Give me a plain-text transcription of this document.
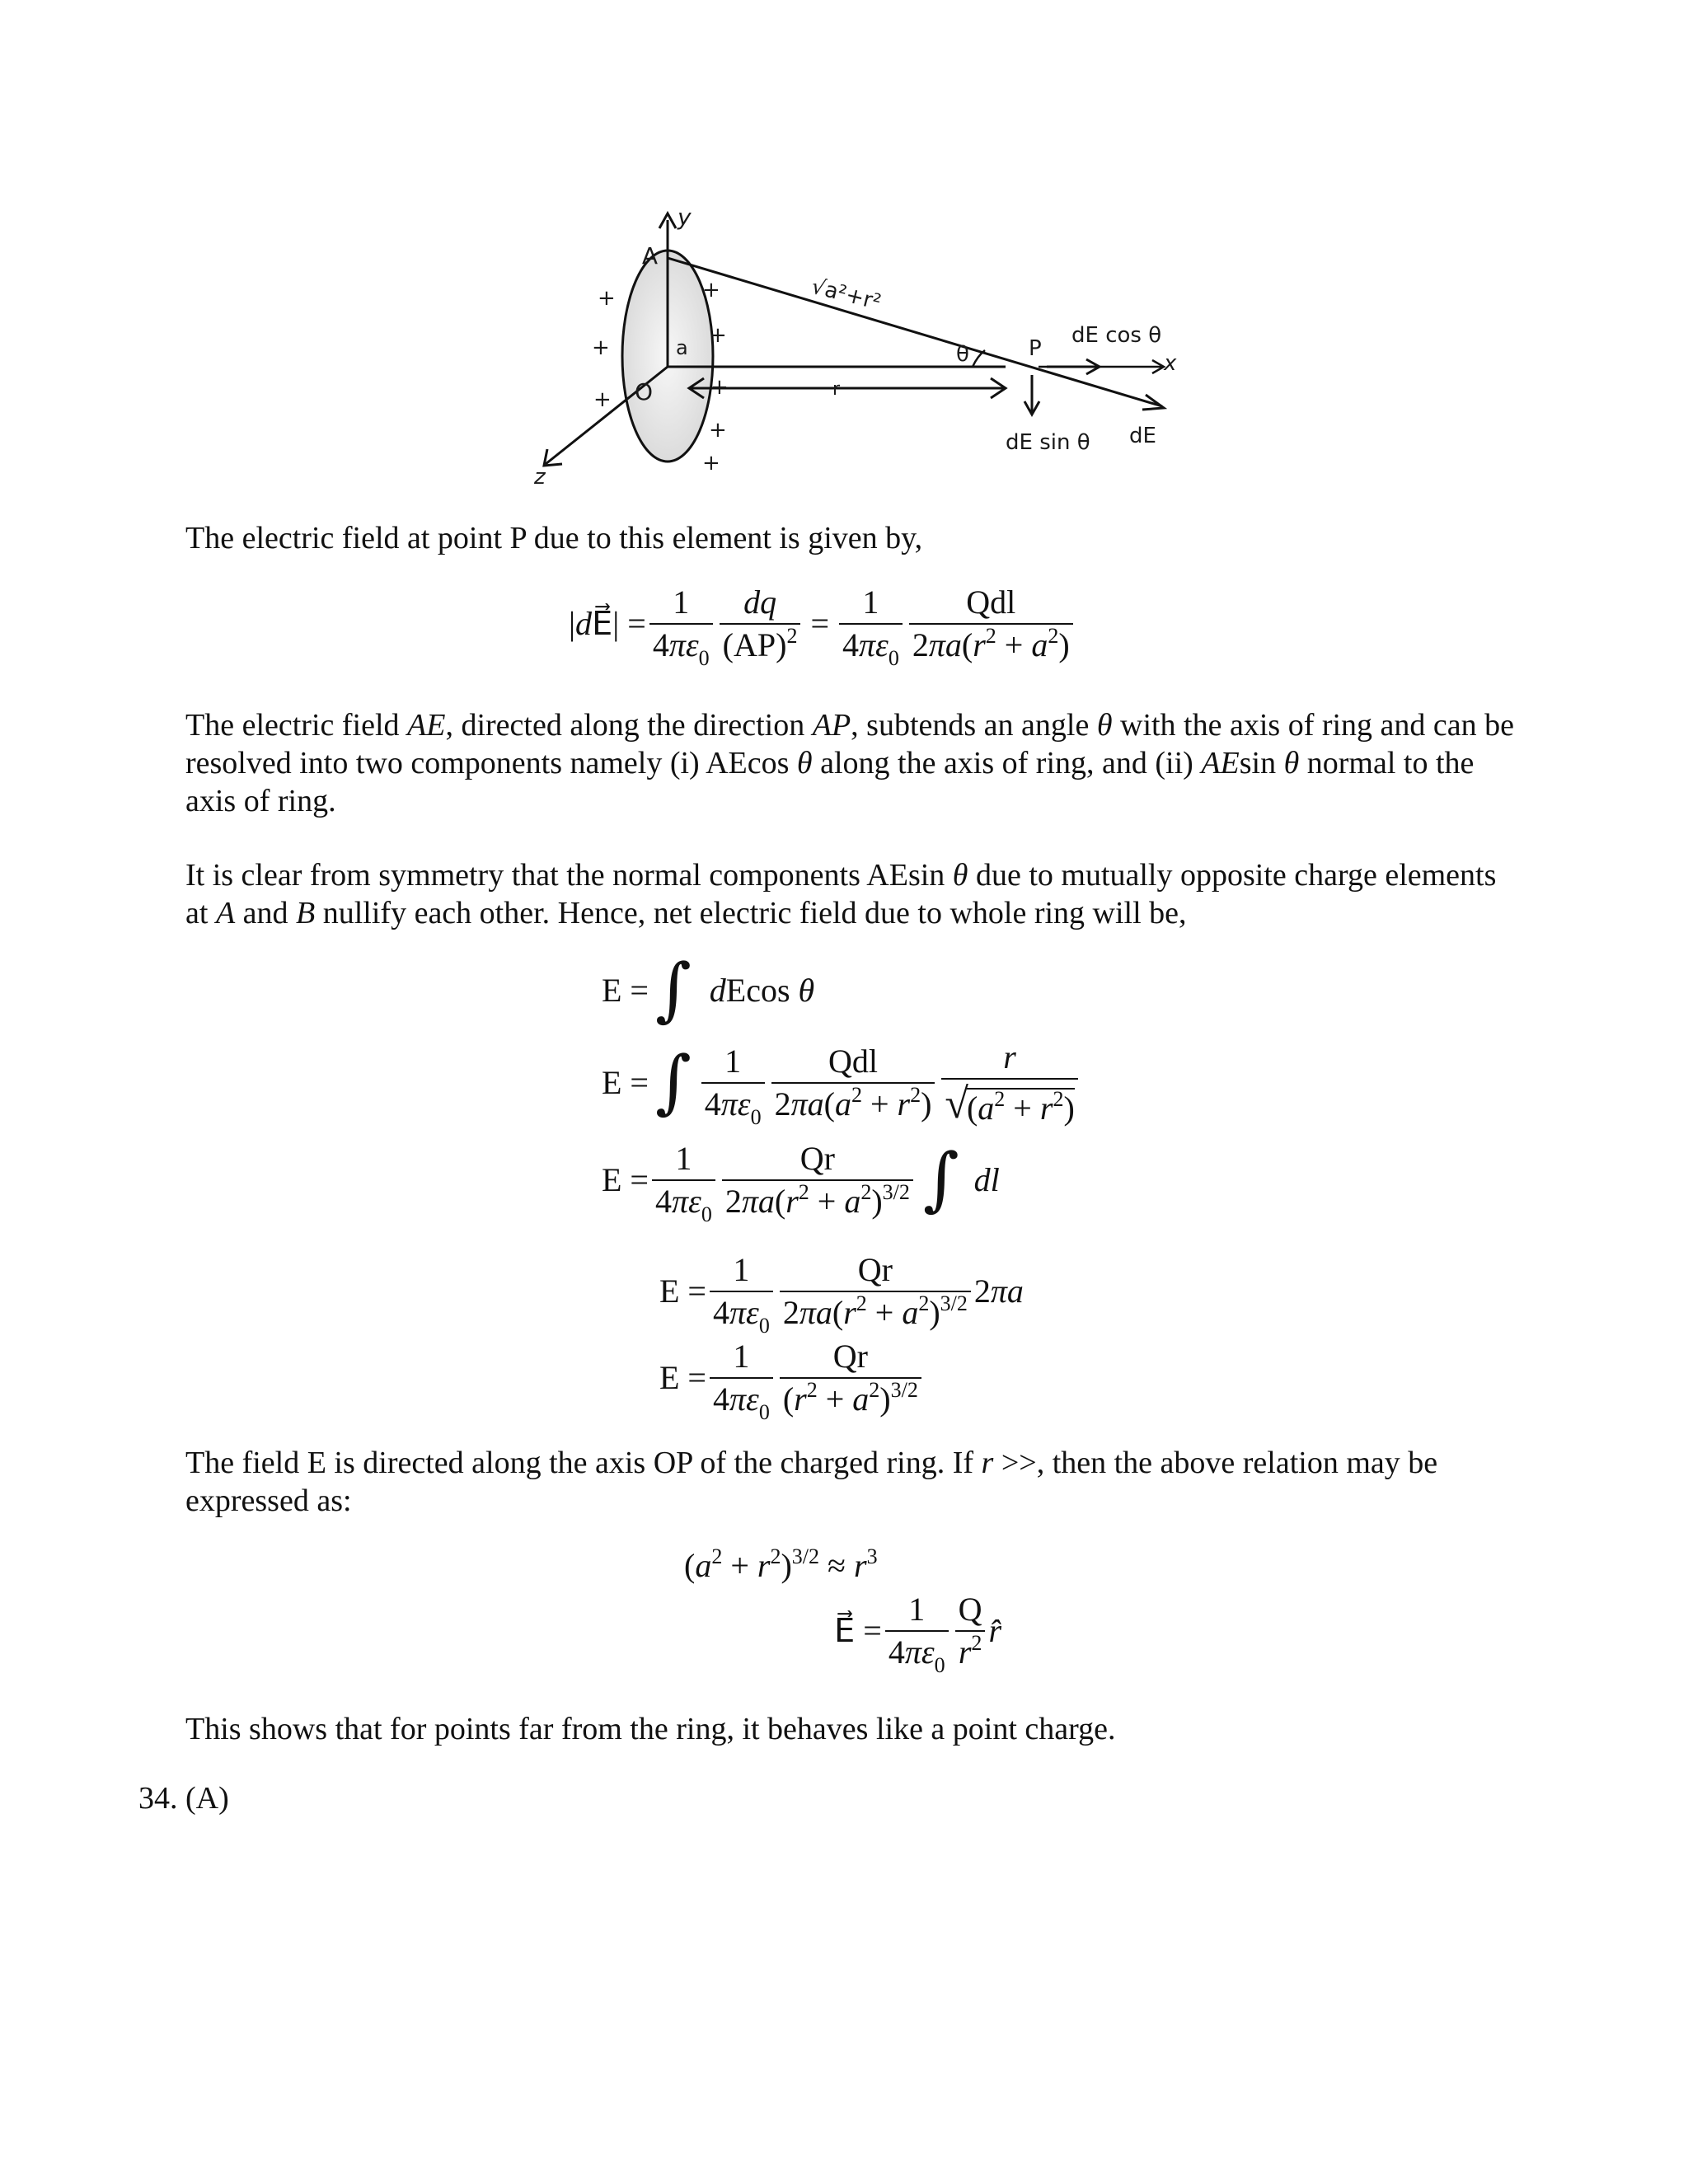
A
y
O
a
z
√a²+r²
θ	P
dE cos θ
x
dE sin θ dE
r
+
+
+
+
+
+
+
+
The electric field at point P due to this element is given by,
|dE⃗| = $\frac{1}{4\pi\varepsilon_0} \frac{dq}{(AP)^2} = \frac{1}{4\pi\varepsilon_0} \frac{\text{Qdl}}{2\pi a(r^2 + a^2)}$
The electric field AE, directed along the direction AP, subtends an angle θ with the axis of ring and can be resolved into two components namely (i) AEcos θ along the axis of ring, and (ii) AEsin θ normal to the axis of ring.
It is clear from symmetry that the normal components AEsin θ due to mutually opposite charge elements at A and B nullify each other. Hence, net electric field due to whole ring will be,
E = ∫ dEcos θ
E = ∫ $\frac{1}{4\pi\varepsilon_0} \frac{\text{Qdl}}{2\pi a(a^2 + r^2)}$ r
√
$(a^2 + r^2)$
$E = \frac{1}{4\pi\varepsilon_0} \frac{Qr}{2\pi a(r^2 + a^2)^{3/2}}$ ∫ dl
$E = \frac{1}{4\pi\varepsilon_0} \frac{Qr}{2\pi a(r^2 + a^2)^{3/2}} 2\pi a$
$E = \frac{1}{4\pi\varepsilon_0} \frac{Qr}{(r^2 + a^2)^{3/2}}$
The field E is directed along the axis OP of the charged ring. If r >>, then the above relation may be expressed as:
$(a^2 + r^2)^{3/2} \approx r^3$
E⃗ = $\frac{1}{4\pi\varepsilon_0} \frac{Q}{r^2}$ r̂
This shows that for points far from the ring, it behaves like a point charge.
34. (A)
